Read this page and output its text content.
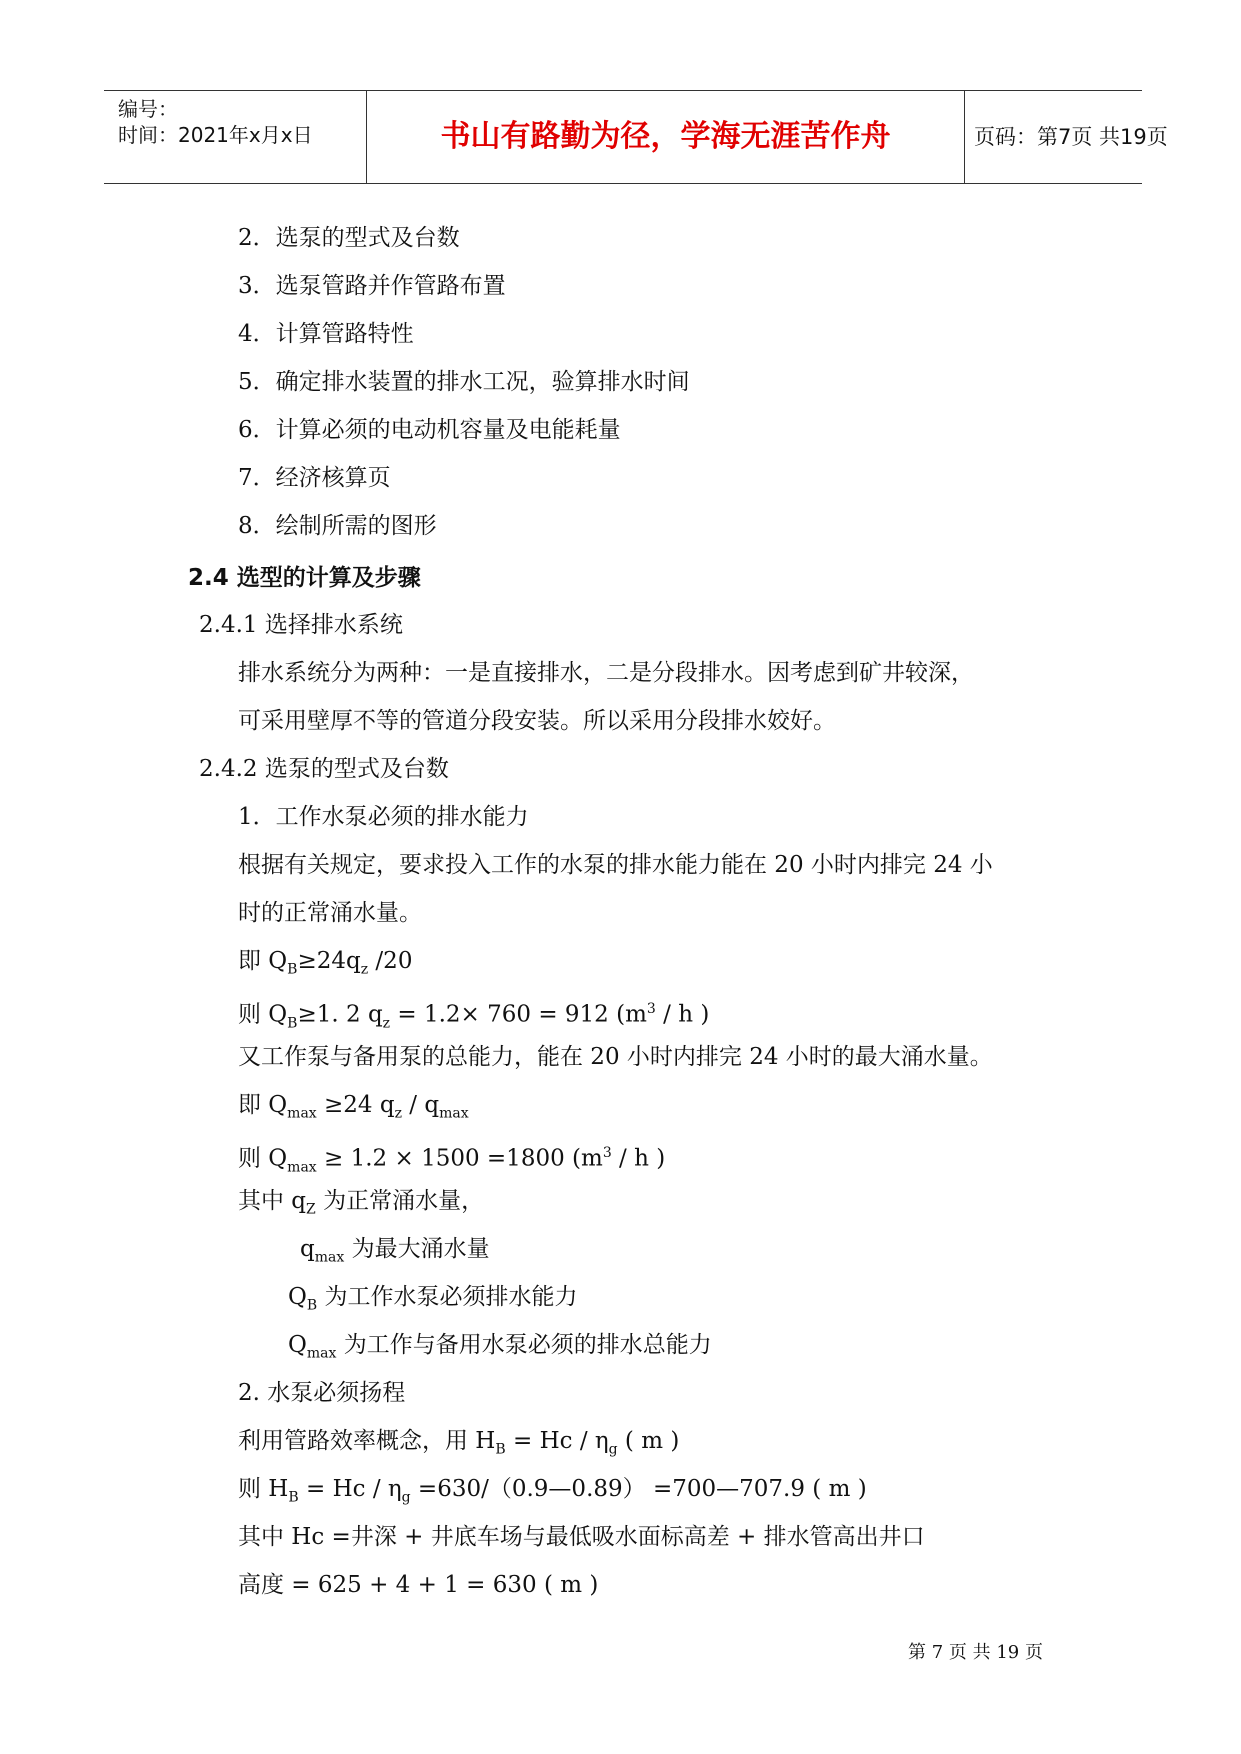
编号：
时间：2021年x月x日	书山有路勤为径，学海无涯苦作舟	页码：第7页 共19页
2．选泵的型式及台数
3．选泵管路并作管路布置
4．计算管路特性
5．确定排水装置的排水工况，验算排水时间
6．计算必须的电动机容量及电能耗量
7．经济核算页
8．绘制所需的图形
2.4 选型的计算及步骤
2.4.1 选择排水系统
排水系统分为两种：一是直接排水，二是分段排水。因考虑到矿井较深，
可采用壁厚不等的管道分段安装。所以采用分段排水姣好。
2.4.2 选泵的型式及台数
1．工作水泵必须的排水能力
根据有关规定，要求投入工作的水泵的排水能力能在 20 小时内排完 24 小
时的正常涌水量。
即 $Q_B\ge 24q_z$ /20
则 $Q_B\ge 1$. 2 $q_z = 1.2\times 760 = 912$ ($m^3$ / h )
又工作泵与备用泵的总能力，能在 20 小时内排完 24 小时的最大涌水量。
即 $Q_{max} \ge 24$ $q_z / q_{max}$
则 $Q_{max} \ge 1.2 \times 1500 =1800$ ($m^3$ / h )
其中 $q_Z$ 为正常涌水量，
$q_{max}$ 为最大涌水量
$Q_B$ 为工作水泵必须排水能力
$Q_{max}$ 为工作与备用水泵必须的排水总能力
2. 水泵必须扬程
利用管路效率概念，用 $H_B = Hc / \eta_g$ ( m )
则 $H_B = Hc / \eta_g$ =630/（0.9—0.89） =700—707.9 ( m )
其中 Hc =井深 + 井底车场与最低吸水面标高差 + 排水管高出井口
高度 = 625 + 4 + 1 = 630 ( m )
第 7 页 共 19 页
